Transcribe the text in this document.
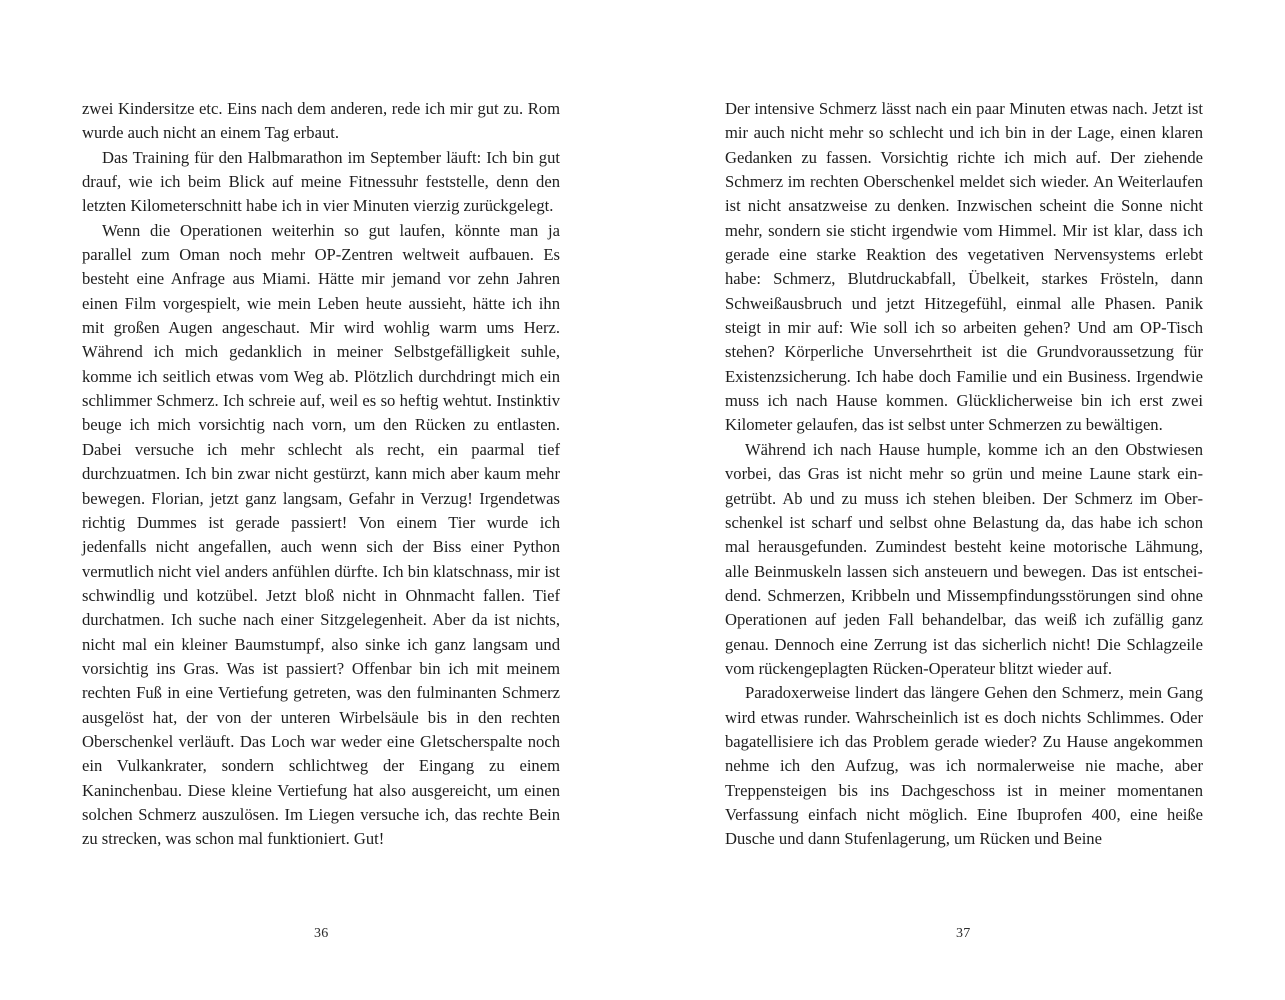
zwei Kindersitze etc. Eins nach dem anderen, rede ich mir gut zu. Rom wurde auch nicht an einem Tag erbaut.

Das Training für den Halbmarathon im September läuft: Ich bin gut drauf, wie ich beim Blick auf meine Fitnessuhr feststelle, denn den letzten Kilometerschnitt habe ich in vier Minuten vierzig zurückgelegt.

Wenn die Operationen weiterhin so gut laufen, könnte man ja parallel zum Oman noch mehr OP-Zentren weltweit aufbauen. Es besteht eine Anfrage aus Miami. Hätte mir jemand vor zehn Jahren einen Film vorgespielt, wie mein Leben heute aussieht, hätte ich ihn mit großen Augen angeschaut. Mir wird wohlig warm ums Herz. Während ich mich gedanklich in meiner Selbstgefälligkeit suhle, komme ich seitlich etwas vom Weg ab. Plötzlich durchdringt mich ein schlimmer Schmerz. Ich schreie auf, weil es so heftig wehtut. Instinktiv beuge ich mich vorsichtig nach vorn, um den Rücken zu entlasten. Dabei versuche ich mehr schlecht als recht, ein paarmal tief durchzuatmen. Ich bin zwar nicht gestürzt, kann mich aber kaum mehr bewegen. Florian, jetzt ganz langsam, Gefahr in Verzug! Irgendetwas richtig Dummes ist gerade passiert! Von einem Tier wurde ich jedenfalls nicht angefallen, auch wenn sich der Biss einer Python vermutlich nicht viel anders anfühlen dürfte. Ich bin klatschnass, mir ist schwindlig und kotzübel. Jetzt bloß nicht in Ohnmacht fallen. Tief durchatmen. Ich suche nach einer Sitzgelegenheit. Aber da ist nichts, nicht mal ein kleiner Baumstumpf, also sinke ich ganz langsam und vorsichtig ins Gras. Was ist passiert? Offenbar bin ich mit meinem rechten Fuß in eine Vertiefung getreten, was den fulminanten Schmerz ausgelöst hat, der von der unteren Wirbelsäule bis in den rechten Oberschenkel verläuft. Das Loch war weder eine Gletscherspalte noch ein Vulkankrater, sondern schlichtweg der Eingang zu einem Kaninchenbau. Diese kleine Vertiefung hat also ausgereicht, um einen solchen Schmerz auszulösen. Im Liegen versuche ich, das rechte Bein zu strecken, was schon mal funktioniert. Gut!

Der intensive Schmerz lässt nach ein paar Minuten etwas nach. Jetzt ist mir auch nicht mehr so schlecht und ich bin in der Lage, einen klaren Gedanken zu fassen. Vorsichtig richte ich mich auf. Der ziehende Schmerz im rechten Oberschenkel meldet sich wieder. An Weiterlaufen ist nicht ansatzweise zu denken. Inzwischen scheint die Sonne nicht mehr, sondern sie sticht irgendwie vom Himmel. Mir ist klar, dass ich gerade eine starke Reaktion des vegetativen Nervensystems erlebt habe: Schmerz, Blutdruckabfall, Übelkeit, starkes Frösteln, dann Schweißausbruch und jetzt Hitzegefühl, einmal alle Phasen. Panik steigt in mir auf: Wie soll ich so arbeiten gehen? Und am OP-Tisch stehen? Körperliche Unversehrtheit ist die Grundvoraussetzung für Existenzsicherung. Ich habe doch Familie und ein Business. Irgendwie muss ich nach Hause kommen. Glücklicherweise bin ich erst zwei Kilometer gelaufen, das ist selbst unter Schmerzen zu bewältigen.

Während ich nach Hause humple, komme ich an den Obstwiesen vorbei, das Gras ist nicht mehr so grün und meine Laune stark eingetrübt. Ab und zu muss ich stehen bleiben. Der Schmerz im Oberschenkel ist scharf und selbst ohne Belastung da, das habe ich schon mal herausgefunden. Zumindest besteht keine motorische Lähmung, alle Beinmuskeln lassen sich ansteuern und bewegen. Das ist entscheidend. Schmerzen, Kribbeln und Missempfindungsstörungen sind ohne Operationen auf jeden Fall behandelbar, das weiß ich zufällig ganz genau. Dennoch eine Zerrung ist das sicherlich nicht! Die Schlagzeile vom rückengeplagten Rücken-Operateur blitzt wieder auf.

Paradoxerweise lindert das längere Gehen den Schmerz, mein Gang wird etwas runder. Wahrscheinlich ist es doch nichts Schlimmes. Oder bagatellisiere ich das Problem gerade wieder? Zu Hause angekommen nehme ich den Aufzug, was ich normalerweise nie mache, aber Treppensteigen bis ins Dachgeschoss ist in meiner momentanen Verfassung einfach nicht möglich. Eine Ibuprofen 400, eine heiße Dusche und dann Stufenlagerung, um Rücken und Beine

36	37
